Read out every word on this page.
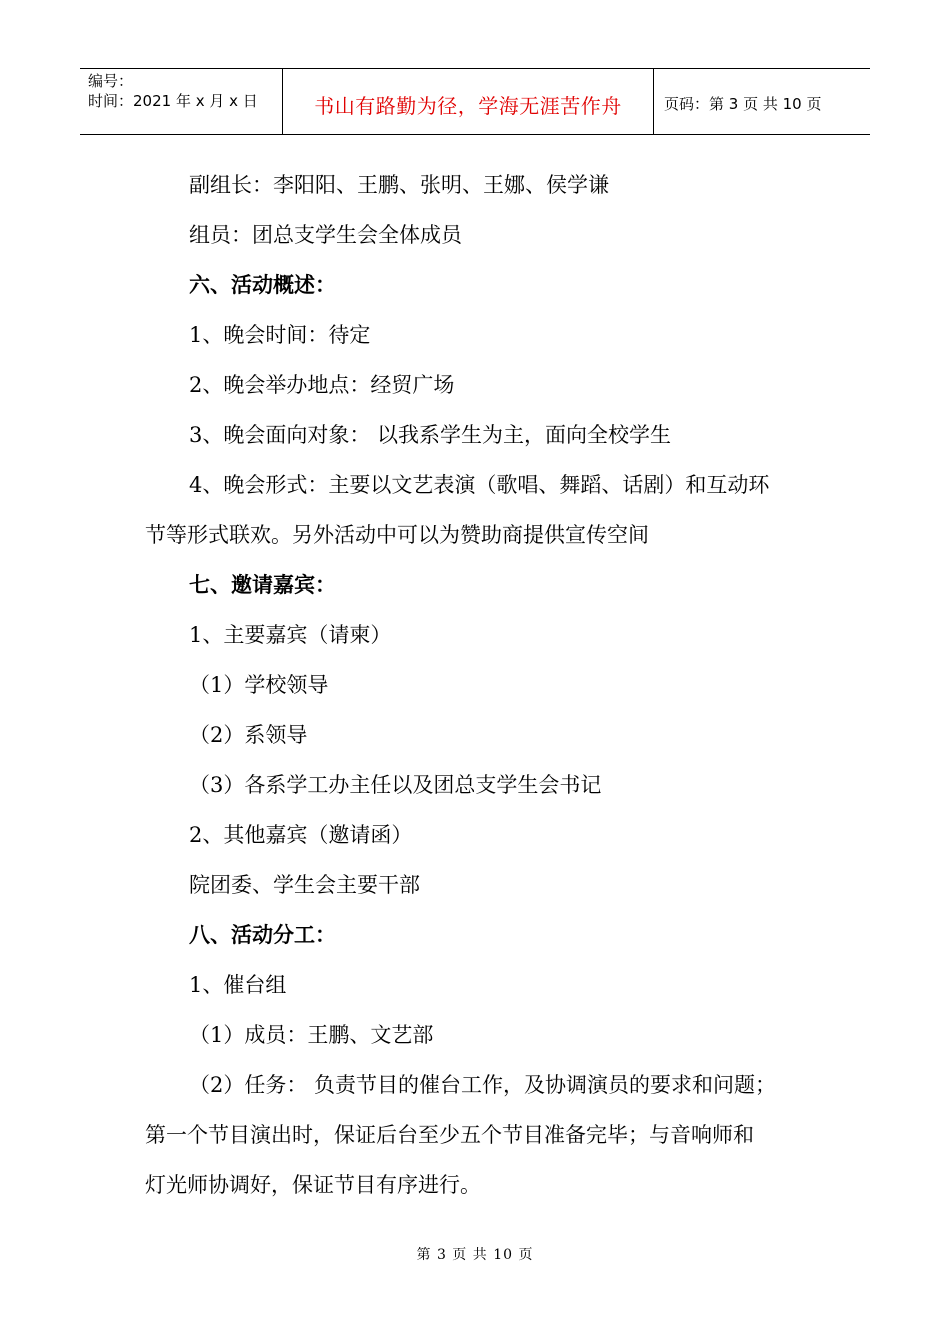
编号：
时间：2021 年 x 月 x 日	书山有路勤为径，学海无涯苦作舟	页码：第 3 页 共 10 页
副组长：李阳阳、王鹏、张明、王娜、侯学谦
组员：团总支学生会全体成员
六、活动概述：
1、晚会时间：待定
2、晚会举办地点：经贸广场
3、晚会面向对象： 以我系学生为主，面向全校学生
4、晚会形式：主要以文艺表演（歌唱、舞蹈、话剧）和互动环
节等形式联欢。另外活动中可以为赞助商提供宣传空间
七、邀请嘉宾：
1、主要嘉宾（请柬）
（1）学校领导
（2）系领导
（3）各系学工办主任以及团总支学生会书记
2、其他嘉宾（邀请函）
院团委、学生会主要干部
八、活动分工：
1、催台组
（1）成员：王鹏、文艺部
（2）任务： 负责节目的催台工作，及协调演员的要求和问题；
第一个节目演出时，保证后台至少五个节目准备完毕；与音响师和
灯光师协调好，保证节目有序进行。
第 3 页 共 10 页
